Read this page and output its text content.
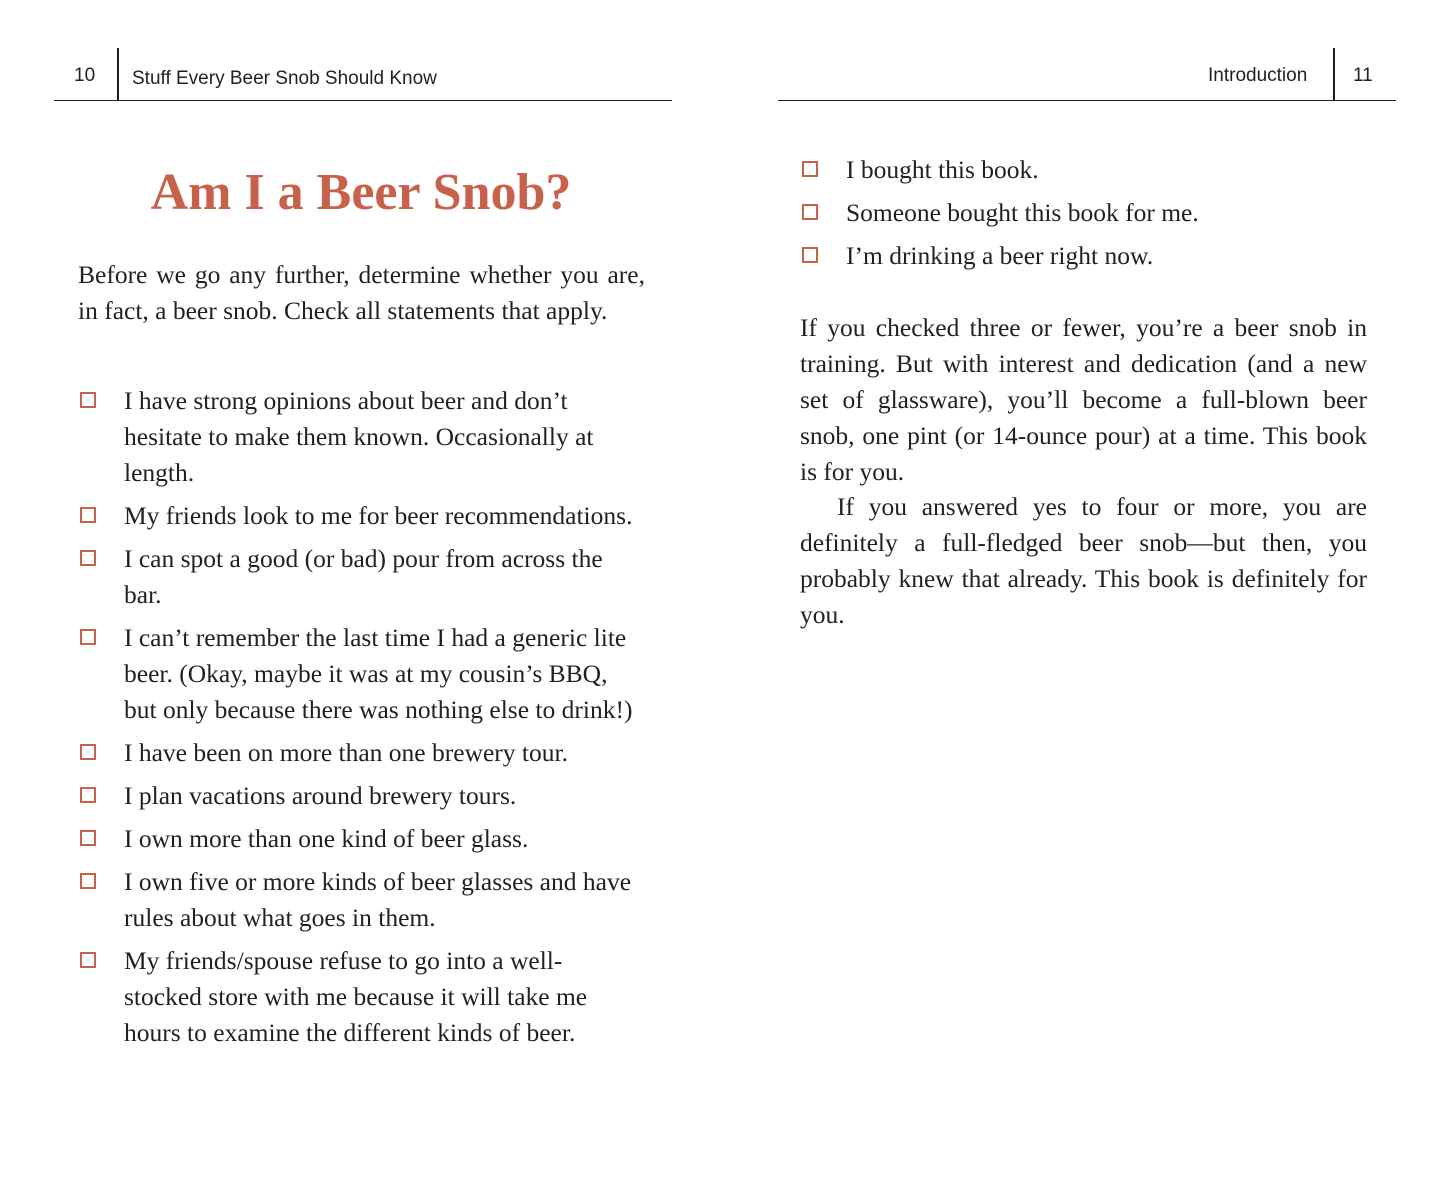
10 Stuff Every Beer Snob Should Know
Am I a Beer Snob?

Before we go any further, determine whether you are, in fact, a beer snob. Check all statements that apply.

I have strong opinions about beer and don’t hesitate to make them known. Occasionally at length.
My friends look to me for beer recommendations.
I can spot a good (or bad) pour from across the bar.
I can’t remember the last time I had a generic lite beer. (Okay, maybe it was at my cousin’s BBQ, but only because there was nothing else to drink!)
I have been on more than one brewery tour.
I plan vacations around brewery tours.
I own more than one kind of beer glass.
I own five or more kinds of beer glasses and have rules about what goes in them.
My friends/spouse refuse to go into a well-stocked store with me because it will take me hours to examine the different kinds of beer.
Introduction 11
I bought this book.
Someone bought this book for me.
I’m drinking a beer right now.

If you checked three or fewer, you’re a beer snob in training. But with interest and dedication (and a new set of glassware), you’ll become a full-blown beer snob, one pint (or 14-ounce pour) at a time. This book is for you.

If you answered yes to four or more, you are definitely a full-fledged beer snob—but then, you probably knew that already. This book is definitely for you.
